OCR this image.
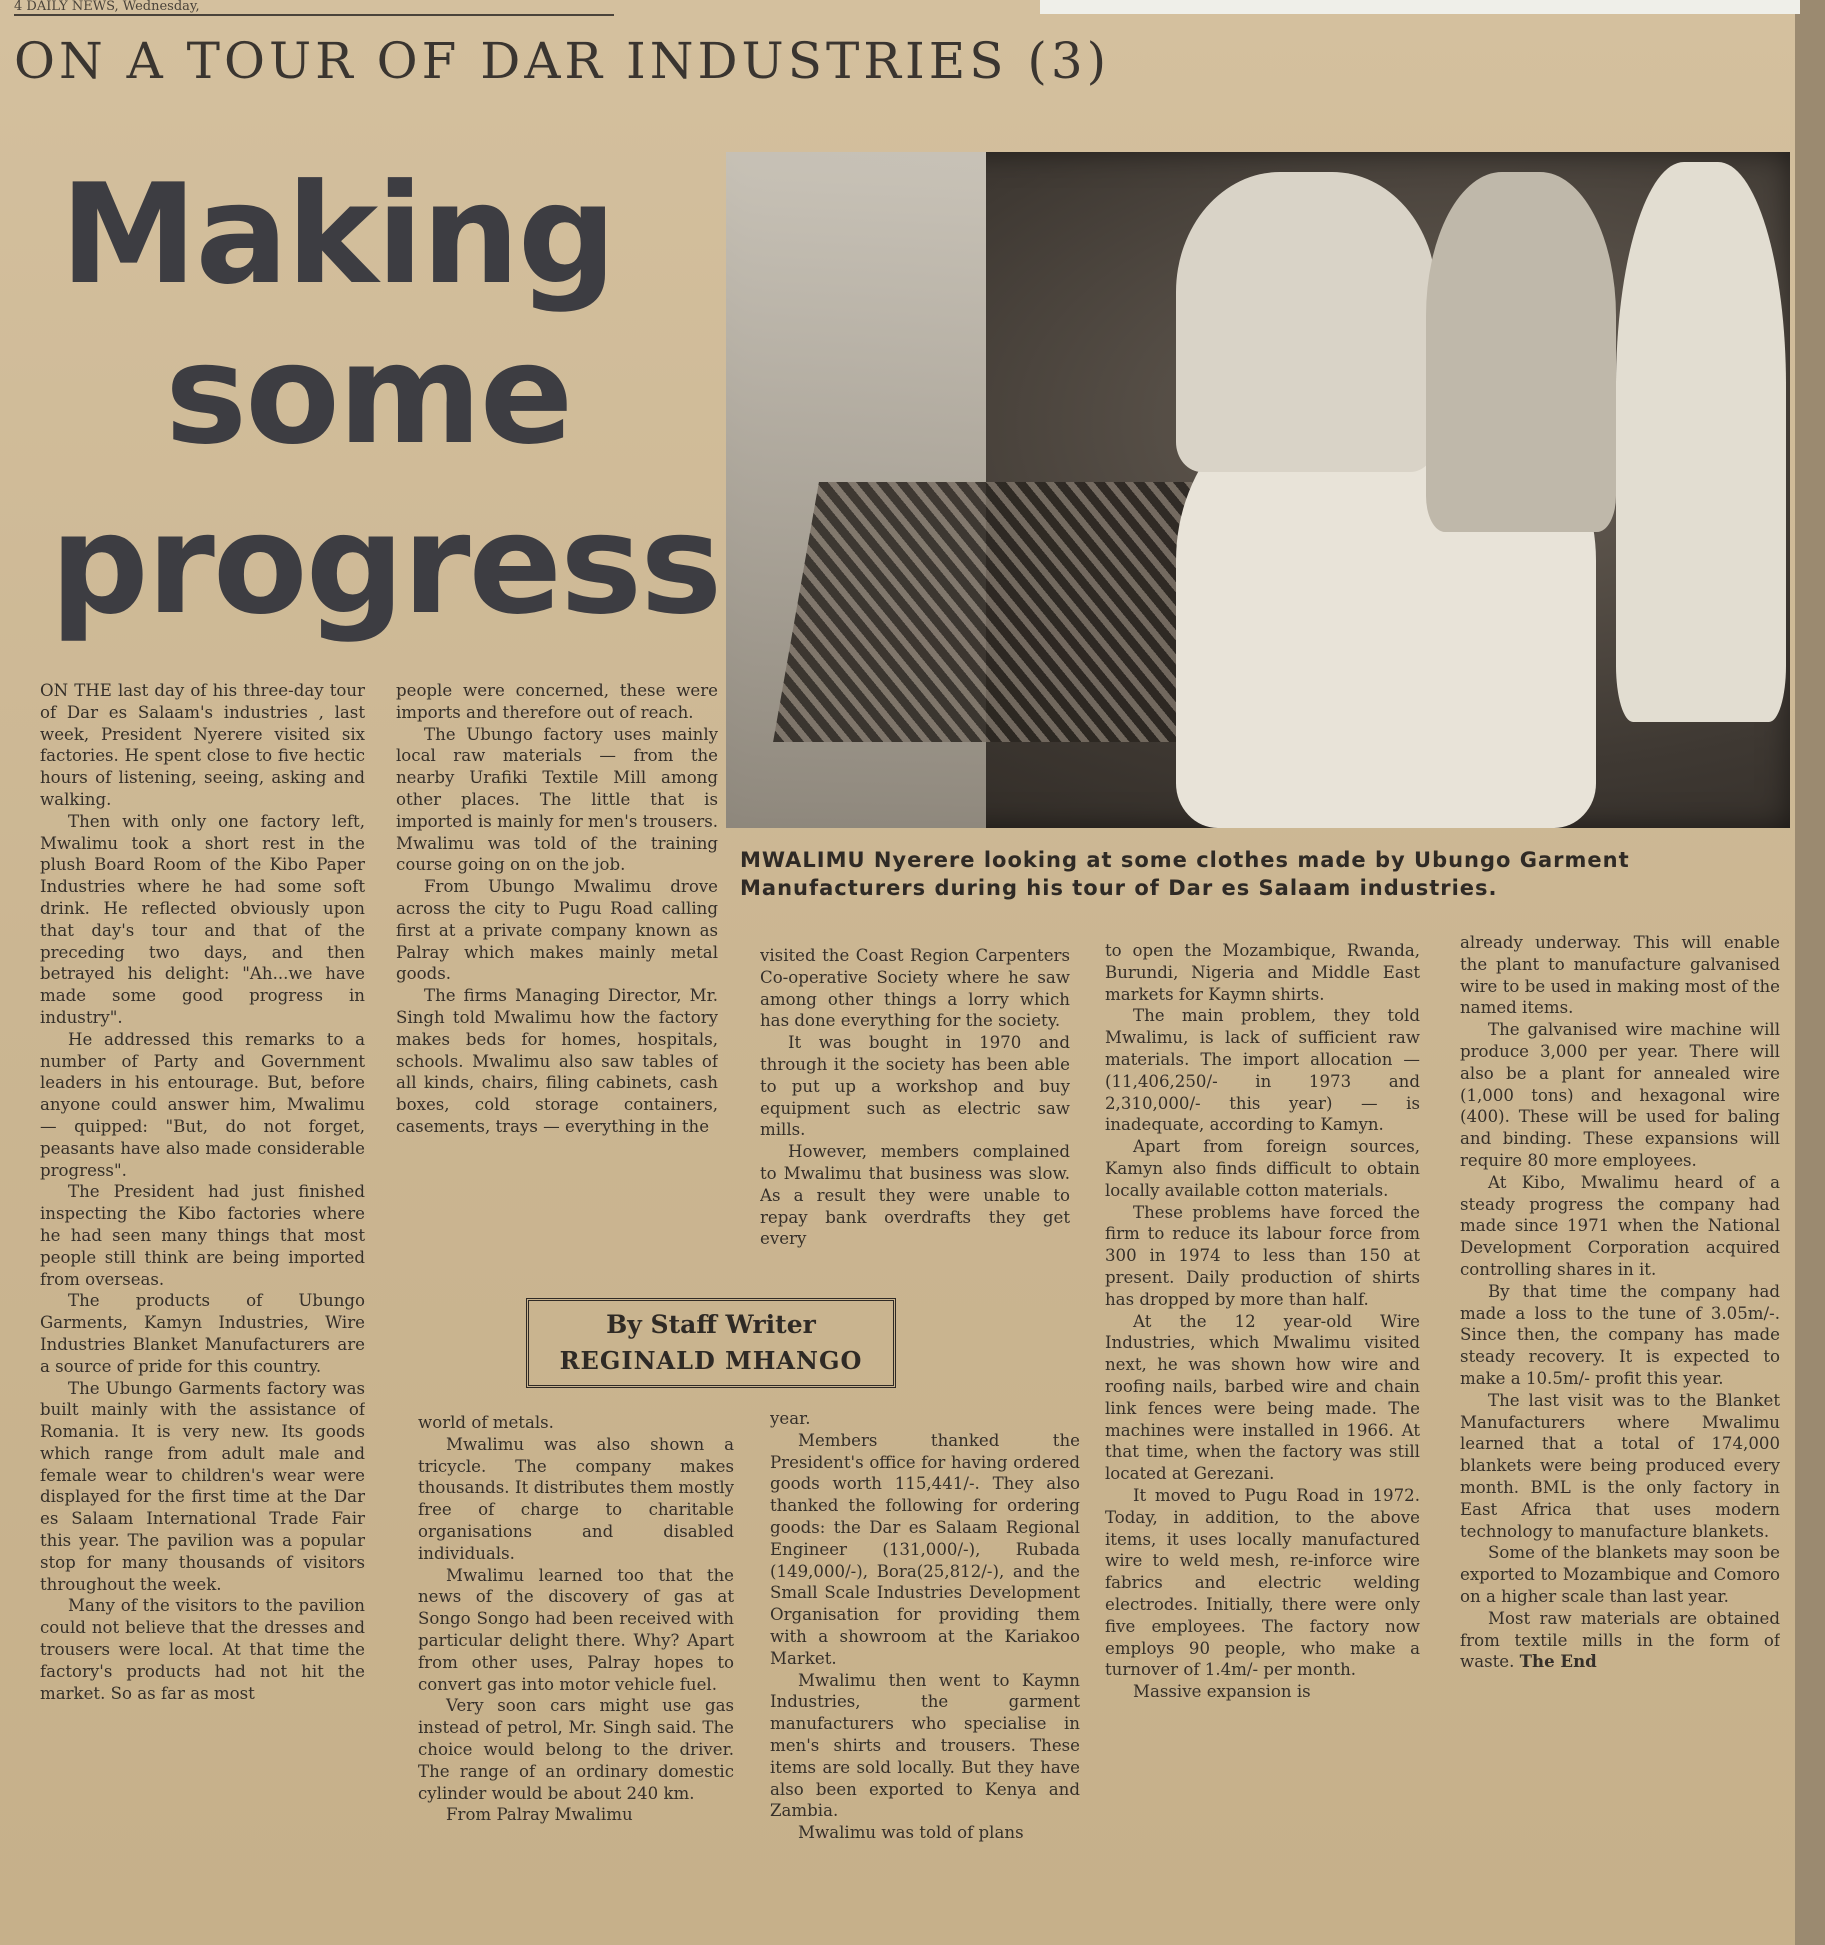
4 DAILY NEWS, Wednesday,
ON A TOUR OF DAR INDUSTRIES (3)
Making
some
progress
MWALIMU Nyerere looking at some clothes made by Ubungo Garment Manufacturers during his tour of Dar es Salaam industries.

ON THE last day of his three-day tour of Dar es Salaam's industries , last week, President Nyerere visited six factories. He spent close to five hectic hours of listening, seeing, asking and walking.

Then with only one factory left, Mwalimu took a short rest in the plush Board Room of the Kibo Paper Industries where he had some soft drink. He reflected obviously upon that day's tour and that of the preceding two days, and then betrayed his delight: "Ah...we have made some good progress in industry".

He addressed this remarks to a number of Party and Government leaders in his entourage. But, before anyone could answer him, Mwalimu — quipped: "But, do not forget, peasants have also made considerable progress".

The President had just finished inspecting the Kibo factories where he had seen many things that most people still think are being imported from overseas.

The products of Ubungo Garments, Kamyn Industries, Wire Industries Blanket Manufacturers are a source of pride for this country.

The Ubungo Garments factory was built mainly with the assistance of Romania. It is very new. Its goods which range from adult male and female wear to children's wear were displayed for the first time at the Dar es Salaam International Trade Fair this year. The pavilion was a popular stop for many thousands of visitors throughout the week.

Many of the visitors to the pavilion could not believe that the dresses and trousers were local. At that time the factory's products had not hit the market. So as far as most

people were concerned, these were imports and therefore out of reach.

The Ubungo factory uses mainly local raw materials — from the nearby Urafiki Textile Mill among other places. The little that is imported is mainly for men's trousers. Mwalimu was told of the training course going on on the job.

From Ubungo Mwalimu drove across the city to Pugu Road calling first at a private company known as Palray which makes mainly metal goods.

The firms Managing Director, Mr. Singh told Mwalimu how the factory makes beds for homes, hospitals, schools. Mwalimu also saw tables of all kinds, chairs, filing cabinets, cash boxes, cold storage containers, casements, trays — everything in the

visited the Coast Region Carpenters Co-operative Society where he saw among other things a lorry which has done everything for the society.

It was bought in 1970 and through it the society has been able to put up a workshop and buy equipment such as electric saw mills.

However, members complained to Mwalimu that business was slow. As a result they were unable to repay bank overdrafts they get every

By Staff Writer
REGINALD MHANGO

world of metals.

Mwalimu was also shown a tricycle. The company makes thousands. It distributes them mostly free of charge to charitable organisations and disabled individuals.

Mwalimu learned too that the news of the discovery of gas at Songo Songo had been received with particular delight there. Why? Apart from other uses, Palray hopes to convert gas into motor vehicle fuel.

Very soon cars might use gas instead of petrol, Mr. Singh said. The choice would belong to the driver. The range of an ordinary domestic cylinder would be about 240 km.

From Palray Mwalimu

year.

Members thanked the President's office for having ordered goods worth 115,441/-. They also thanked the following for ordering goods: the Dar es Salaam Regional Engineer (131,000/-), Rubada (149,000/-), Bora(25,812/-), and the Small Scale Industries Development Organisation for providing them with a showroom at the Kariakoo Market.

Mwalimu then went to Kaymn Industries, the garment manufacturers who specialise in men's shirts and trousers. These items are sold locally. But they have also been exported to Kenya and Zambia.

Mwalimu was told of plans

to open the Mozambique, Rwanda, Burundi, Nigeria and Middle East markets for Kaymn shirts.

The main problem, they told Mwalimu, is lack of sufficient raw materials. The import allocation — (11,406,250/- in 1973 and 2,310,000/- this year) — is inadequate, according to Kamyn.

Apart from foreign sources, Kamyn also finds difficult to obtain locally available cotton materials.

These problems have forced the firm to reduce its labour force from 300 in 1974 to less than 150 at present. Daily production of shirts has dropped by more than half.

At the 12 year-old Wire Industries, which Mwalimu visited next, he was shown how wire and roofing nails, barbed wire and chain link fences were being made. The machines were installed in 1966. At that time, when the factory was still located at Gerezani.

It moved to Pugu Road in 1972. Today, in addition, to the above items, it uses locally manufactured wire to weld mesh, re-inforce wire fabrics and electric welding electrodes. Initially, there were only five employees. The factory now employs 90 people, who make a turnover of 1.4m/- per month.

Massive expansion is

already underway. This will enable the plant to manufacture galvanised wire to be used in making most of the named items.

The galvanised wire machine will produce 3,000 per year. There will also be a plant for annealed wire (1,000 tons) and hexagonal wire (400). These will be used for baling and binding. These expansions will require 80 more employees.

At Kibo, Mwalimu heard of a steady progress the company had made since 1971 when the National Development Corporation acquired controlling shares in it.

By that time the company had made a loss to the tune of 3.05m/-. Since then, the company has made steady recovery. It is expected to make a 10.5m/- profit this year.

The last visit was to the Blanket Manufacturers where Mwalimu learned that a total of 174,000 blankets were being produced every month. BML is the only factory in East Africa that uses modern technology to manufacture blankets.

Some of the blankets may soon be exported to Mozambique and Comoro on a higher scale than last year.

Most raw materials are obtained from textile mills in the form of waste. The End
